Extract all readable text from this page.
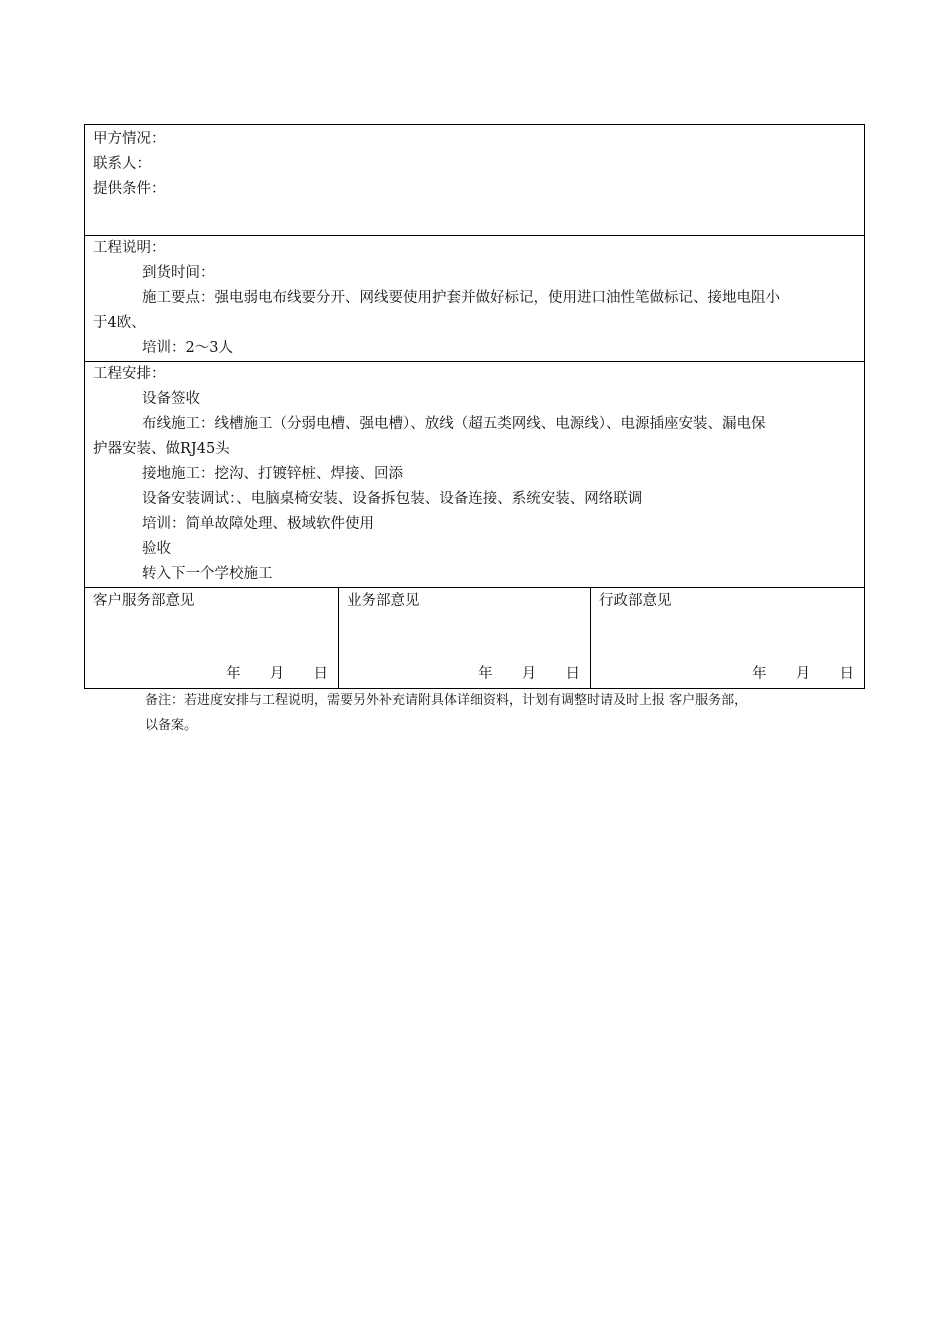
甲方情况：
联系人：
提供条件：

工程说明：
到货时间：
施工要点：强电弱电布线要分开、网线要使用护套并做好标记，使用进口油性笔做标记、接地电阻小
于4欧、
培训：2～3人

工程安排：
设备签收
布线施工：线槽施工（分弱电槽、强电槽）、放线（超五类网线、电源线）、电源插座安装、漏电保
护器安装、做RJ45头
接地施工：挖沟、打镀锌桩、焊接、回添
设备安装调试：、电脑桌椅安装、设备拆包装、设备连接、系统安装、网络联调
培训：简单故障处理、极域软件使用
验收
转入下一个学校施工

客户服务部意见
年 月 日

业务部意见
年 月 日

行政部意见
年 月 日
备注：若进度安排与工程说明，需要另外补充请附具体详细资料，计划有调整时请及时上报 客户服务部，
以备案。
